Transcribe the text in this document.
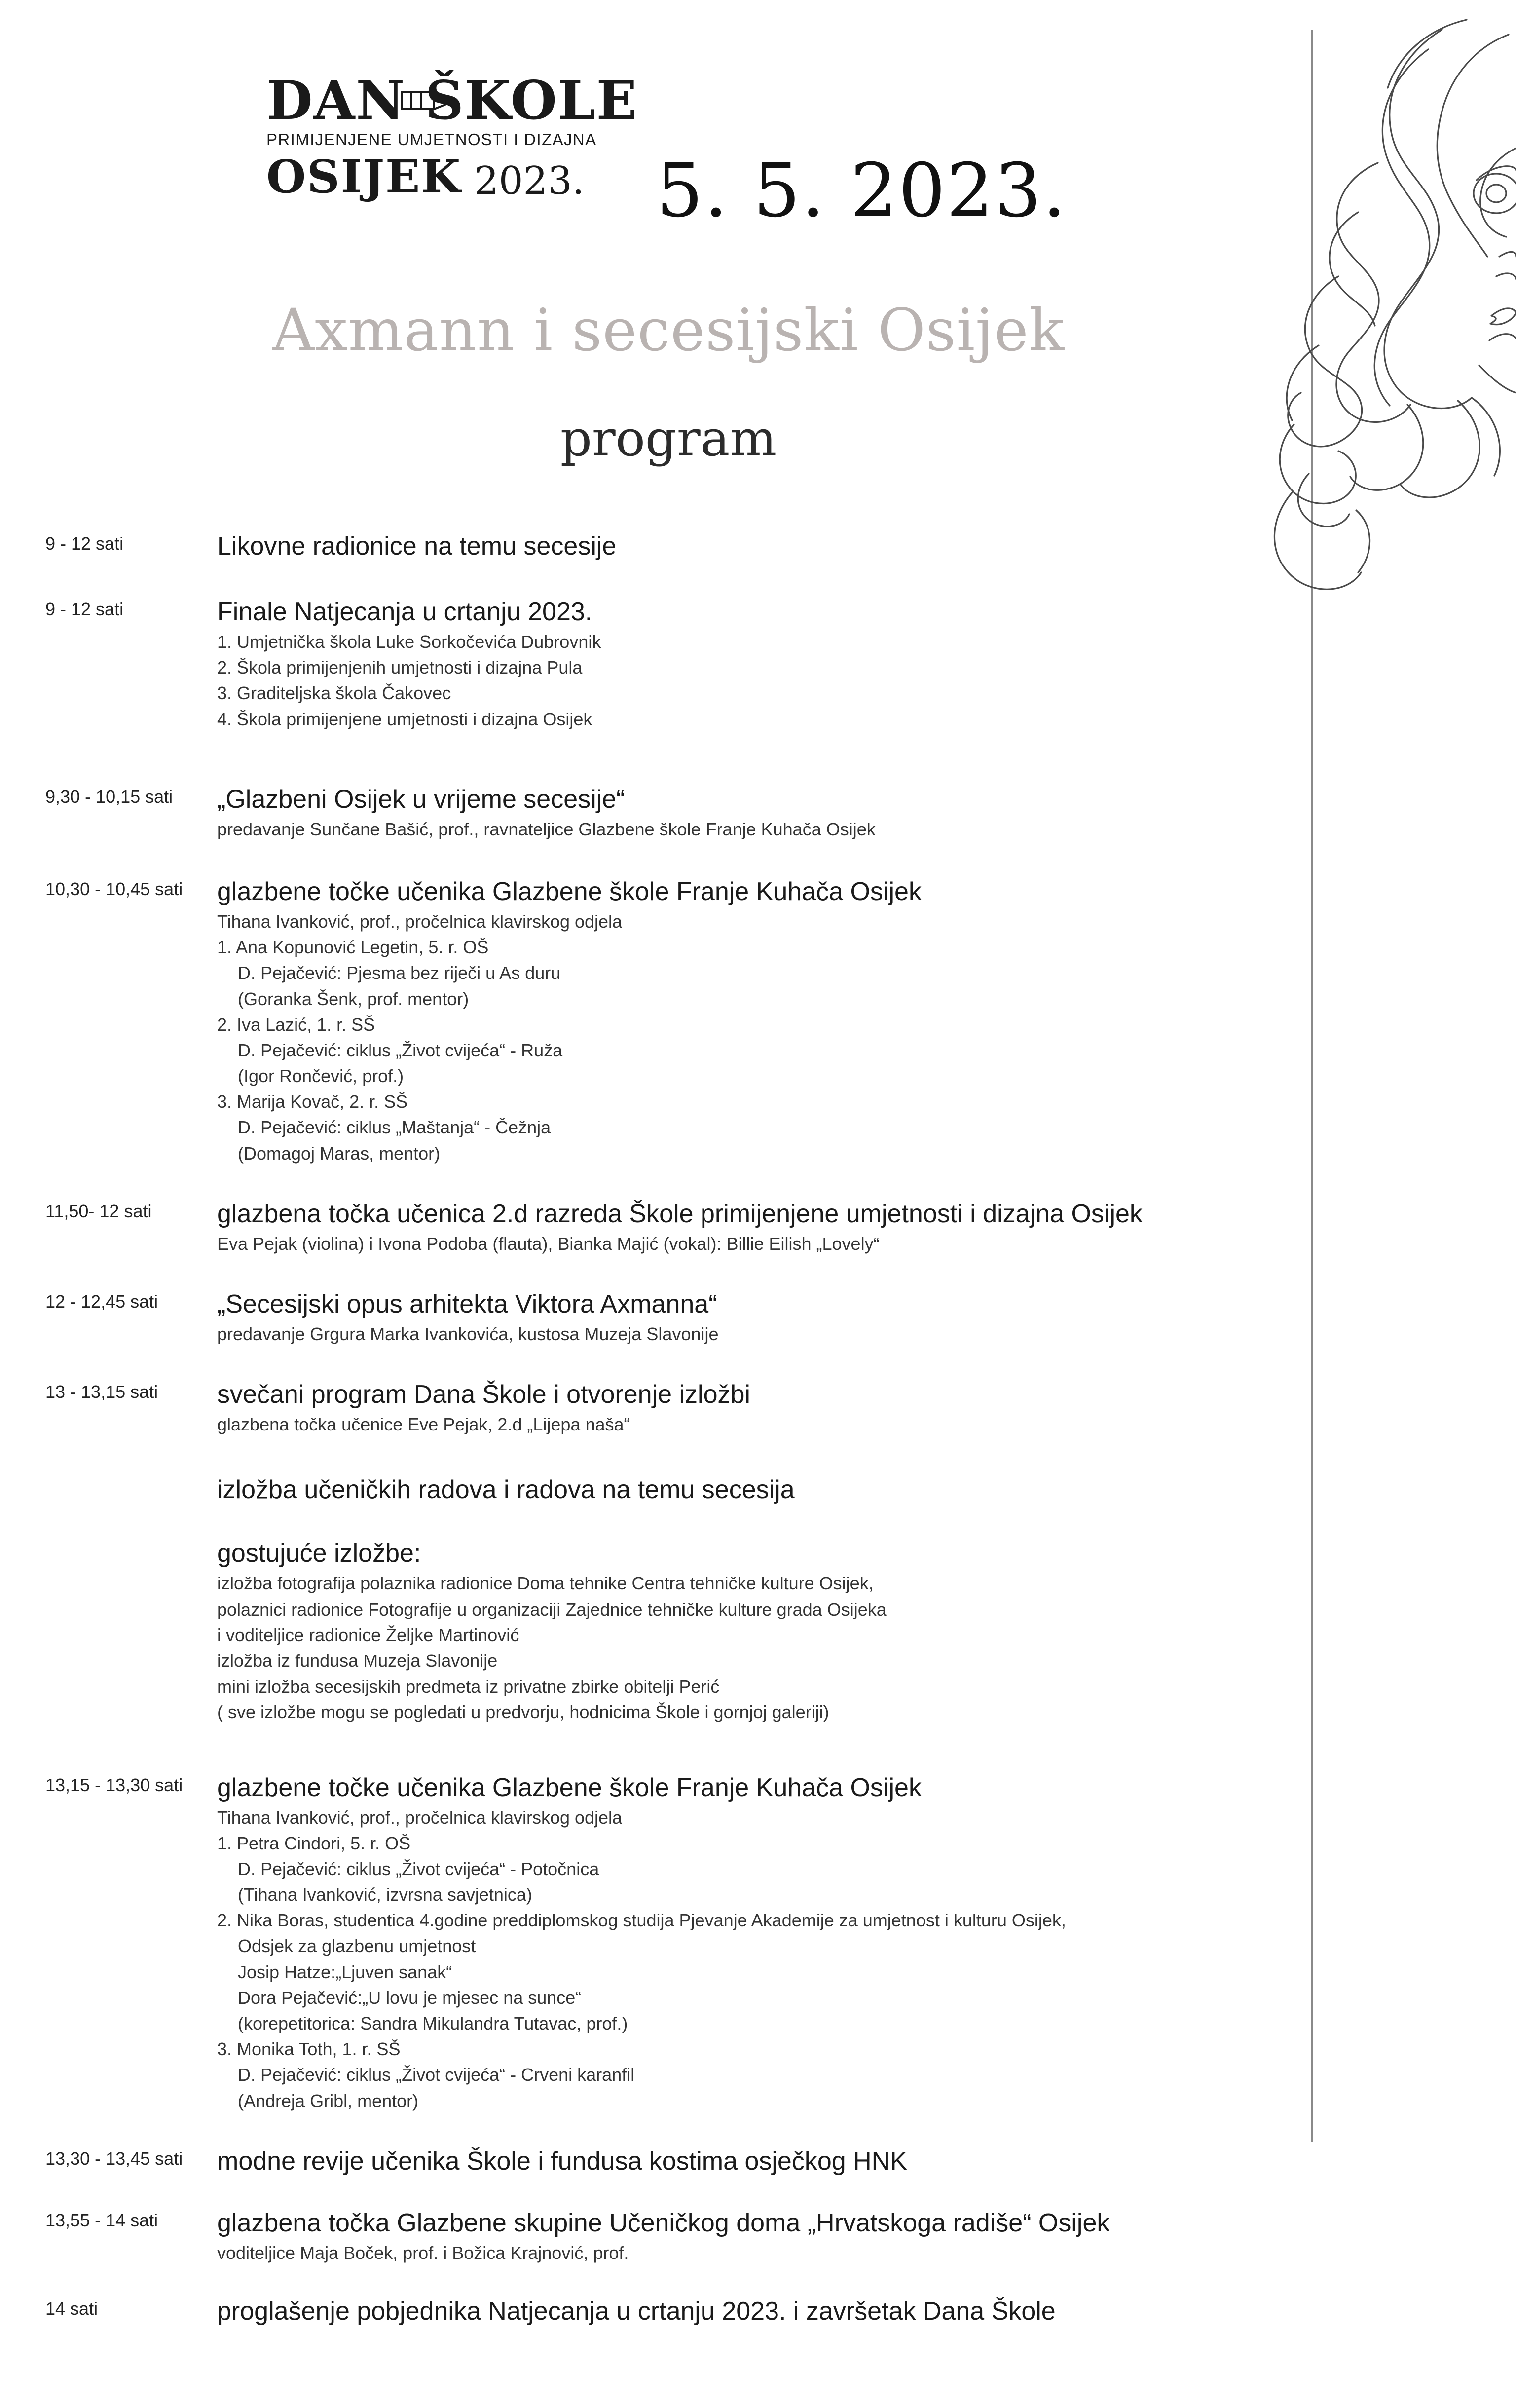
DAN ŠKOLE
PRIMIJENJENE UMJETNOSTI I DIZAJNA
OSIJEK 2023. 5. 5. 2023.
Axmann i secesijski Osijek
program
9 - 12 sati	Likovne radionice na temu secesije
9 - 12 sati	Finale Natjecanja u crtanju 2023.
1. Umjetnička škola Luke Sorkočevića Dubrovnik
2. Škola primijenjenih umjetnosti i dizajna Pula
3. Graditeljska škola Čakovec
4. Škola primijenjene umjetnosti i dizajna Osijek
9,30 - 10,15 sati	„Glazbeni Osijek u vrijeme secesije“
predavanje Sunčane Bašić, prof., ravnateljice Glazbene škole Franje Kuhača Osijek
10,30 - 10,45 sati	glazbene točke učenika Glazbene škole Franje Kuhača Osijek
Tihana Ivanković, prof., pročelnica klavirskog odjela
1. Ana Kopunović Legetin, 5. r. OŠ
D. Pejačević: Pjesma bez riječi u As duru
(Goranka Šenk, prof. mentor)
2. Iva Lazić, 1. r. SŠ
D. Pejačević: ciklus „Život cvijeća“ - Ruža
(Igor Rončević, prof.)
3. Marija Kovač, 2. r. SŠ
D. Pejačević: ciklus „Maštanja“ - Čežnja
(Domagoj Maras, mentor)
11,50- 12 sati	glazbena točka učenica 2.d razreda Škole primijenjene umjetnosti i dizajna Osijek
Eva Pejak (violina) i Ivona Podoba (flauta), Bianka Majić (vokal): Billie Eilish „Lovely“
12 - 12,45 sati	„Secesijski opus arhitekta Viktora Axmanna“
predavanje Grgura Marka Ivankovića, kustosa Muzeja Slavonije
13 - 13,15 sati	svečani program Dana Škole i otvorenje izložbi
glazbena točka učenice Eve Pejak, 2.d „Lijepa naša“
izložba učeničkih radova i radova na temu secesija
gostujuće izložbe:
izložba fotografija polaznika radionice Doma tehnike Centra tehničke kulture Osijek,
polaznici radionice Fotografije u organizaciji Zajednice tehničke kulture grada Osijeka
i voditeljice radionice Željke Martinović
izložba iz fundusa Muzeja Slavonije
mini izložba secesijskih predmeta iz privatne zbirke obitelji Perić
( sve izložbe mogu se pogledati u predvorju, hodnicima Škole i gornjoj galeriji)
13,15 - 13,30 sati	glazbene točke učenika Glazbene škole Franje Kuhača Osijek
Tihana Ivanković, prof., pročelnica klavirskog odjela
1. Petra Cindori, 5. r. OŠ
D. Pejačević: ciklus „Život cvijeća“ - Potočnica
(Tihana Ivanković, izvrsna savjetnica)
2. Nika Boras, studentica 4.godine preddiplomskog studija Pjevanje Akademije za umjetnost i kulturu Osijek,
Odsjek za glazbenu umjetnost
Josip Hatze:„Ljuven sanak“
Dora Pejačević:„U lovu je mjesec na sunce“
(korepetitorica: Sandra Mikulandra Tutavac, prof.)
3. Monika Toth, 1. r. SŠ
D. Pejačević: ciklus „Život cvijeća“ - Crveni karanfil
(Andreja Gribl, mentor)
13,30 - 13,45 sati	modne revije učenika Škole i fundusa kostima osječkog HNK
13,55 - 14 sati	glazbena točka Glazbene skupine Učeničkog doma „Hrvatskoga radiše“ Osijek
voditeljice Maja Boček, prof. i Božica Krajnović, prof.
14 sati	proglašenje pobjednika Natjecanja u crtanju 2023. i završetak Dana Škole
